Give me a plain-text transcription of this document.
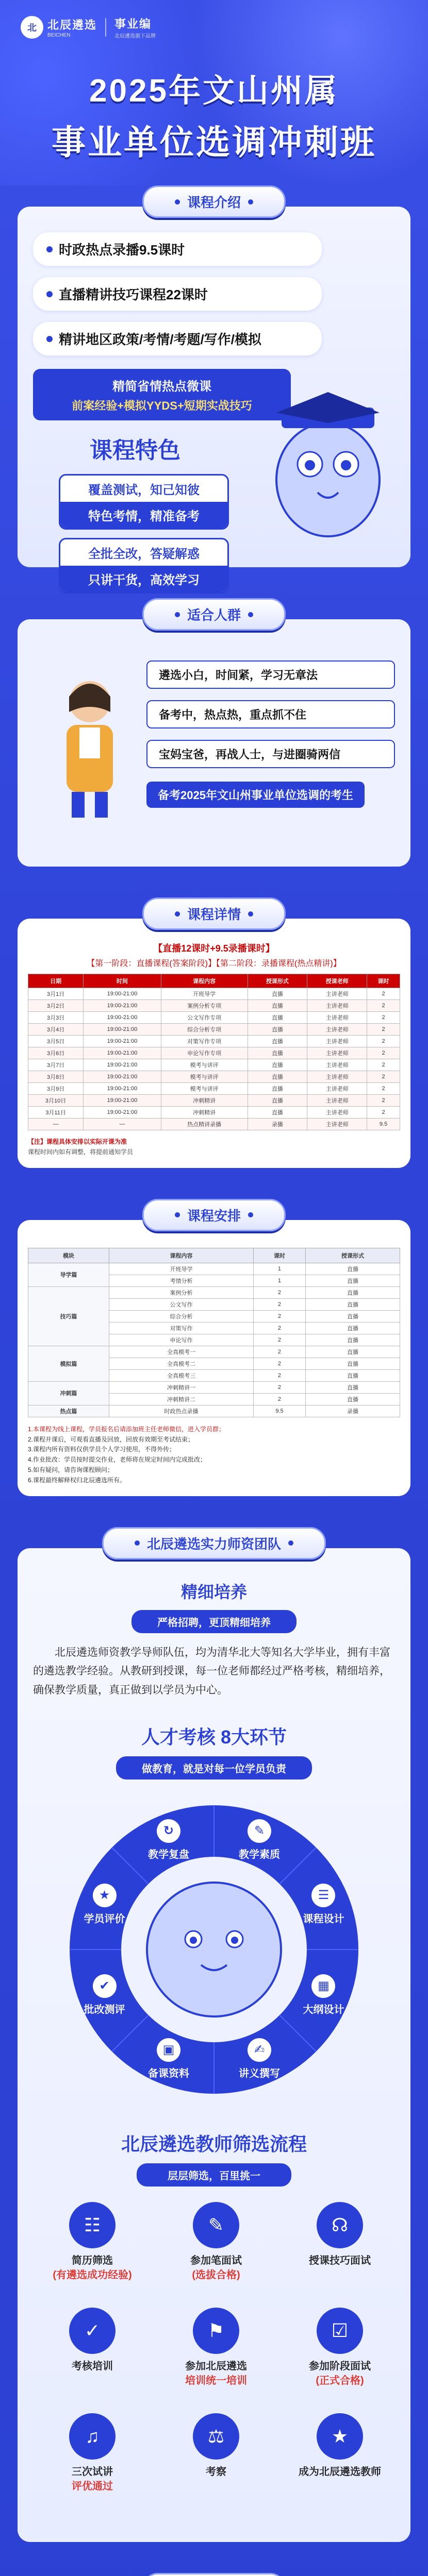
北 北辰遴选
BEICHEN
事业编
北辰遴选旗下品牌
2025年文山州属
事业单位选调冲刺班
课程介绍
时政热点录播9.5课时
直播精讲技巧课程22课时
精讲地区政策/考情/考题/写作/模拟
精简省情热点微课
前案经验+模拟YYDS+短期实战技巧
课程特色
覆盖测试，知己知彼
特色考情，精准备考
全批全改，答疑解惑
只讲干货，高效学习
适合人群
遴选小白，时间紧，学习无章法
备考中，热点热，重点抓不住
宝妈宝爸，再战人士，与进圈骑两信
备考2025年文山州事业单位选调的考生
课程详情
【直播12课时+9.5录播课时】
【第一阶段：直播课程(答案阶段)】【第二阶段：录播课程(热点精讲)】
日期	时间	课程内容	授课形式	授课老师	课时
3月1日	19:00-21:00	开班导学	直播	主讲老师	2
3月2日	19:00-21:00	案例分析专项	直播	主讲老师	2
3月3日	19:00-21:00	公文写作专项	直播	主讲老师	2
3月4日	19:00-21:00	综合分析专项	直播	主讲老师	2
3月5日	19:00-21:00	对策写作专项	直播	主讲老师	2
3月6日	19:00-21:00	申论写作专项	直播	主讲老师	2
3月7日	19:00-21:00	模考与讲评	直播	主讲老师	2
3月8日	19:00-21:00	模考与讲评	直播	主讲老师	2
3月9日	19:00-21:00	模考与讲评	直播	主讲老师	2
3月10日	19:00-21:00	冲刺精讲	直播	主讲老师	2
3月11日	19:00-21:00	冲刺精讲	直播	主讲老师	2
—	—	热点精讲录播	录播	主讲老师	9.5
【注】课程具体安排以实际开课为准
课程时间内如有调整，将提前通知学员
课程安排
模块	课程内容	课时	授课形式
导学篇	开班导学	1	直播
	考情分析	1	直播
技巧篇	案例分析	2	直播
	公文写作	2	直播
	综合分析	2	直播
	对策写作	2	直播
	申论写作	2	直播
模拟篇	全真模考一	2	直播
	全真模考二	2	直播
	全真模考三	2	直播
冲刺篇	冲刺精讲一	2	直播
	冲刺精讲二	2	直播
热点篇	时政热点录播	9.5	录播
1.本课程为线上课程，学员报名后请添加班主任老师微信，进入学员群；
2.课程开课后，可观看直播及回放，回放有效期至考试结束；
3.课程内所有资料仅供学员个人学习使用，不得外传；
4.作业批改：学员按时提交作业，老师将在规定时间内完成批改；
5.如有疑问，请咨询课程顾问；
6.课程最终解释权归北辰遴选所有。
北辰遴选实力师资团队
精细培养
严格招聘，更顶精细培养
北辰遴选师资教学导师队伍，均为清华北大等知名大学毕业，拥有丰富的遴选教学经验。从教研到授课，每一位老师都经过严格考核，精细培养，确保教学质量，真正做到以学员为中心。
人才考核 8大环节
做教育，就是对每一位学员负责
✎
教学素质
☰
课程设计
▦
大纲设计
✍
讲义撰写
▣
备课资料
✔
批改测评
★
学员评价
↻
教学复盘
北辰遴选教师筛选流程
层层筛选，百里挑一
☷
简历筛选
(有遴选成功经验)
✎
参加笔面试
(选拔合格)
☊
授课技巧面试
☑
参加阶段面试
(正式合格)
⚑
参加北辰遴选
培训统一培训
✓
考核培训
♫
三次试讲
评优通过
⚖
考察
★
成为北辰遴选教师
